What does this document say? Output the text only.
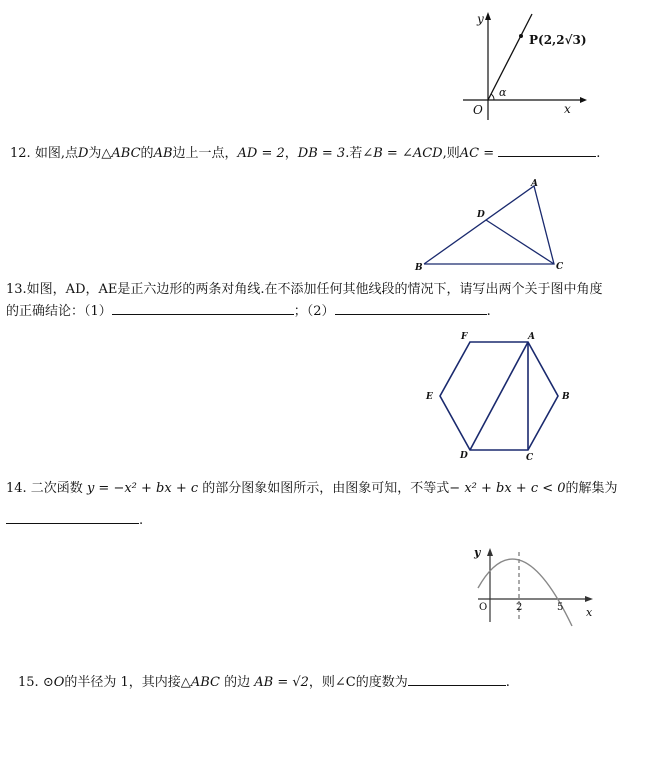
y
x
O
α
P(2,2√3)
12. 如图,点D为△ABC的AB边上一点，AD = 2，DB = 3.若∠B = ∠ACD,则AC =	.
A
B	C
D
13.如图，AD，AE是正六边形的两条对角线.在不添加任何其他线段的情况下，请写出两个关于图中角度
的正确结论：（1）	；（2）	.
F	A
B
C
D
E
14. 二次函数 y = −x² + bx + c 的部分图象如图所示，由图象可知，不等式− x² + bx + c < 0的解集为
.
y
x
O	2	5
15. ⊙O的半径为 1，其内接△ABC 的边 AB = √2，则∠C的度数为	.
